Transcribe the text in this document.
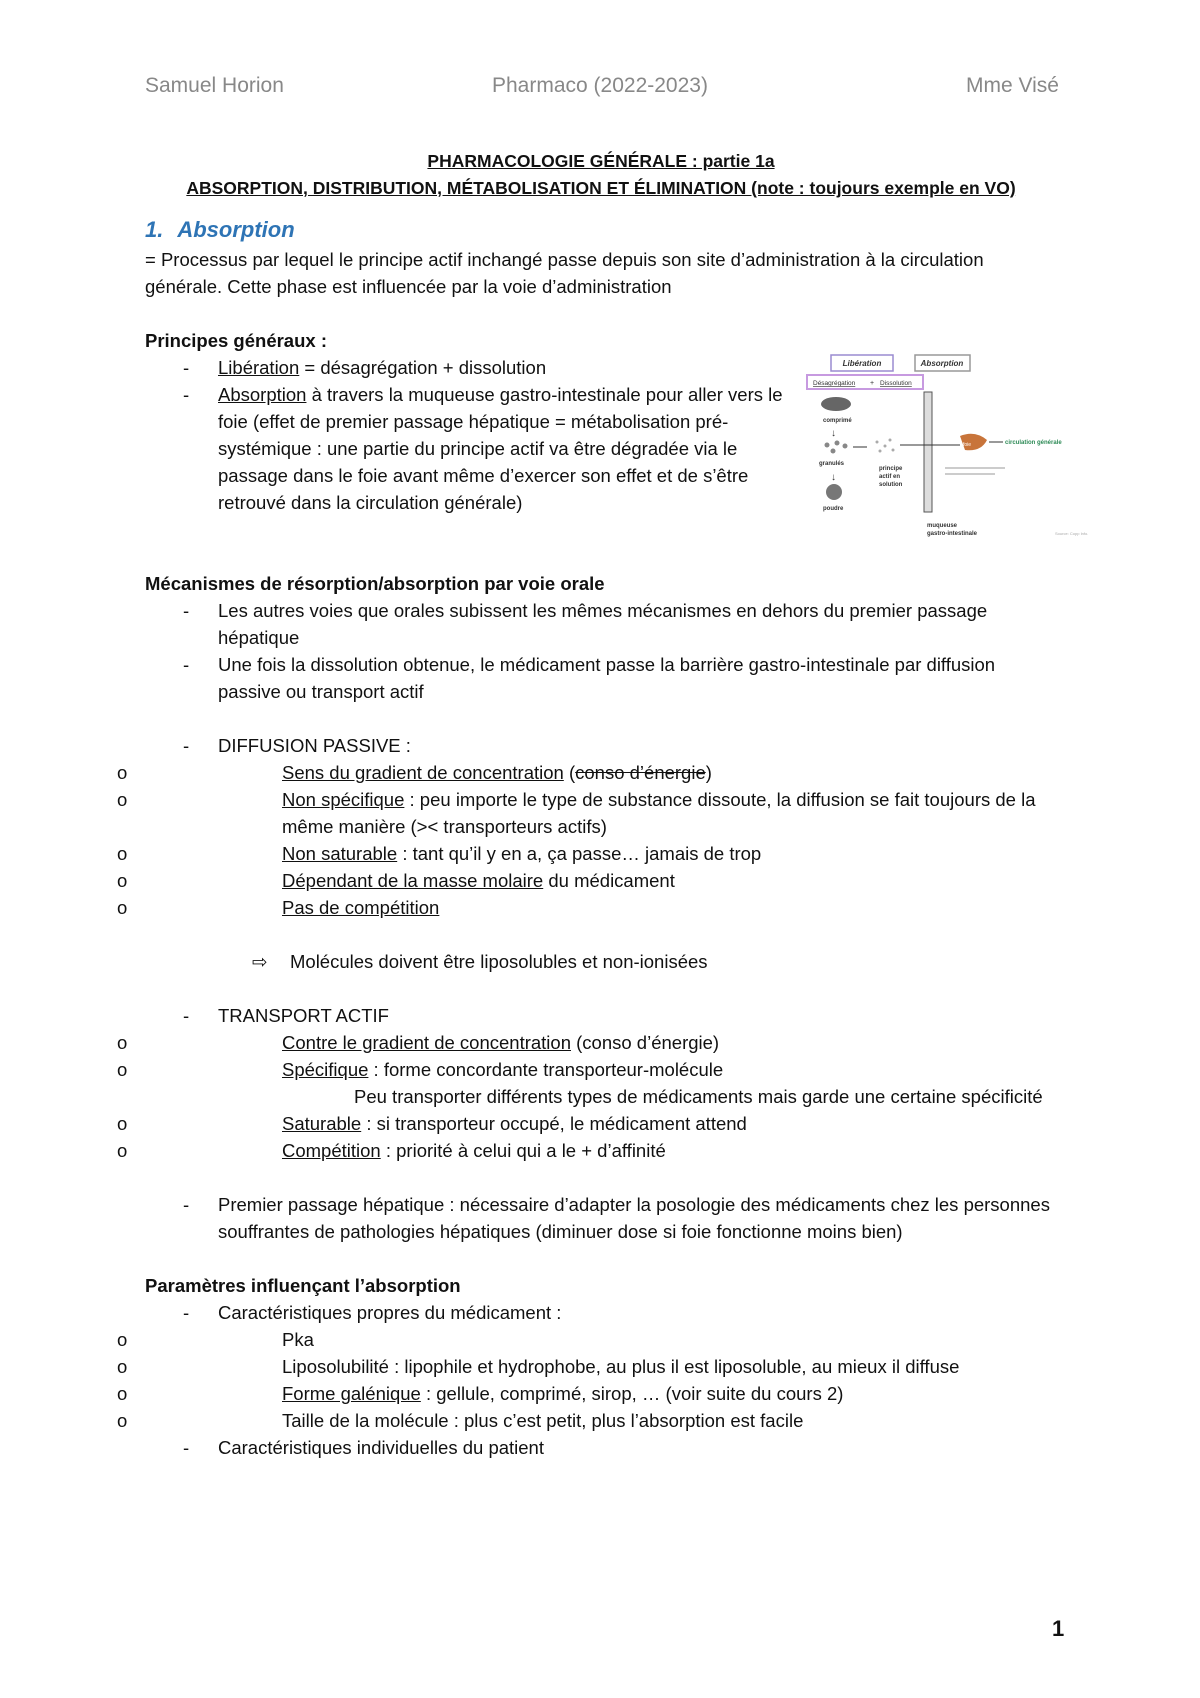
Samuel Horion	Pharmaco (2022-2023)	Mme Visé
PHARMACOLOGIE GÉNÉRALE : partie 1a
ABSORPTION, DISTRIBUTION, MÉTABOLISATION ET ÉLIMINATION (note : toujours exemple en VO)
1. Absorption
= Processus par lequel le principe actif inchangé passe depuis son site d’administration à la circulation générale. Cette phase est influencée par la voie d’administration
Principes généraux :
- Libération = désagrégation + dissolution
- Absorption à travers la muqueuse gastro-intestinale pour aller vers le foie (effet de premier passage hépatique = métabolisation pré-systémique : une partie du principe actif va être dégradée via le passage dans le foie avant même d’exercer son effet et de s’être retrouvé dans la circulation générale)
Mécanismes de résorption/absorption par voie orale
- Les autres voies que orales subissent les mêmes mécanismes en dehors du premier passage hépatique
- Une fois la dissolution obtenue, le médicament passe la barrière gastro-intestinale par diffusion passive ou transport actif
- DIFFUSION PASSIVE :
o Sens du gradient de concentration (conso d’énergie)
o Non spécifique : peu importe le type de substance dissoute, la diffusion se fait toujours de la même manière (>< transporteurs actifs)
o Non saturable : tant qu’il y en a, ça passe… jamais de trop
o Dépendant de la masse molaire du médicament
o Pas de compétition
⇨ Molécules doivent être liposolubles et non-ionisées
- TRANSPORT ACTIF
o Contre le gradient de concentration (conso d’énergie)
o Spécifique : forme concordante transporteur-molécule
Peu transporter différents types de médicaments mais garde une certaine spécificité
o Saturable : si transporteur occupé, le médicament attend
o Compétition : priorité à celui qui a le + d’affinité
- Premier passage hépatique : nécessaire d’adapter la posologie des médicaments chez les personnes souffrantes de pathologies hépatiques (diminuer dose si foie fonctionne moins bien)
Paramètres influençant l’absorption
- Caractéristiques propres du médicament :
o Pka
o Liposolubilité : lipophile et hydrophobe, au plus il est liposoluble, au mieux il diffuse
o Forme galénique : gellule, comprimé, sirop, … (voir suite du cours 2)
o Taille de la molécule : plus c’est petit, plus l’absorption est facile
- Caractéristiques individuelles du patient
Libération	Absorption
Désagrégation + Dissolution
comprimé
↓
granulés
↓
poudre
principe
actif en
solution
foie	circulation générale
muqueuse
gastro-intestinale	Source: Copp Info.
1
